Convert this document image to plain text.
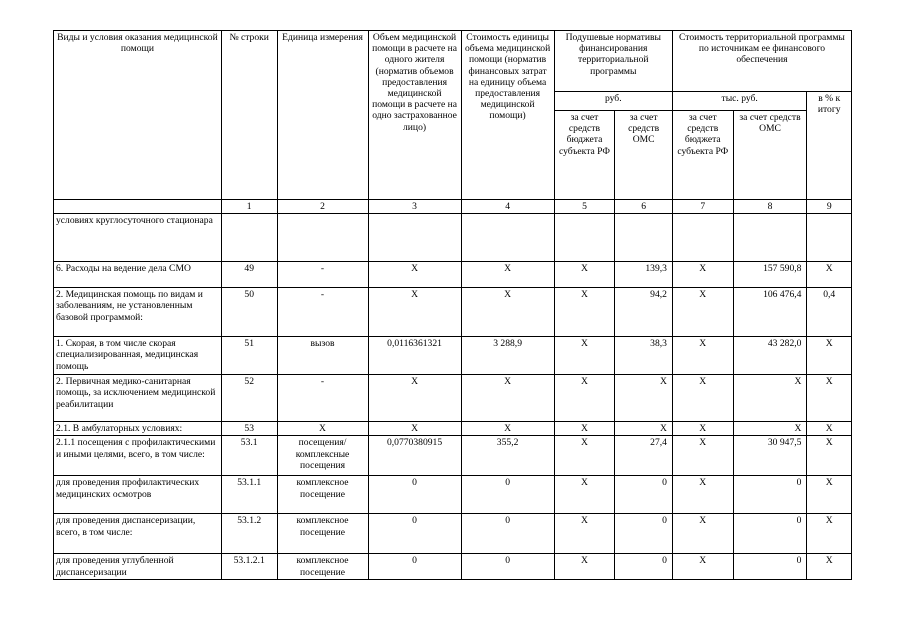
Виды и условия оказания медицинской помощи	№ строки	Единица измерения	Объем медицинской помощи в расчете на одного жителя (норматив объемов предоставления медицинской помощи в расчете на одно застрахованное лицо)	Стоимость единицы объема медицинской помощи (норматив финансовых затрат на единицу объема предоставления медицинской помощи)	Подушевые нормативы финансирования территориальной программы		Стоимость территориальной программы по источникам ее финансового обеспечения		
					руб.		тыс. руб.		в % к итогу
					за счет средств бюджета субъекта РФ	за счет средств ОМС	за счет средств бюджета субъекта РФ	за счет средств ОМС	
	1	2	3	4	5	6	7	8	9
условиях круглосуточного стационара									
6. Расходы на ведение дела СМО	49	-	X	X	X	139,3	X	157 590,8	X
2. Медицинская помощь по видам и заболеваниям, не установленным базовой программой:	50	-	X	X	X	94,2	X	106 476,4	0,4
1. Скорая, в том числе скорая специализированная, медицинская помощь	51	вызов	0,0116361321	3 288,9	X	38,3	X	43 282,0	X
2. Первичная медико-санитарная помощь, за исключением медицинской реабилитации	52	-	X	X	X	X	X	X	X
2.1. В амбулаторных условиях:	53	X	X	X	X	X	X	X	X
2.1.1 посещения с профилактическими и иными целями, всего, в том числе:	53.1	посещения/ комплексные посещения	0,0770380915	355,2	X	27,4	X	30 947,5	X
для проведения профилактических медицинских осмотров	53.1.1	комплексное посещение	0	0	X	0	X	0	X
для проведения диспансеризации, всего, в том числе:	53.1.2	комплексное посещение	0	0	X	0	X	0	X
для проведения углубленной диспансеризации	53.1.2.1	комплексное посещение	0	0	X	0	X	0	X
